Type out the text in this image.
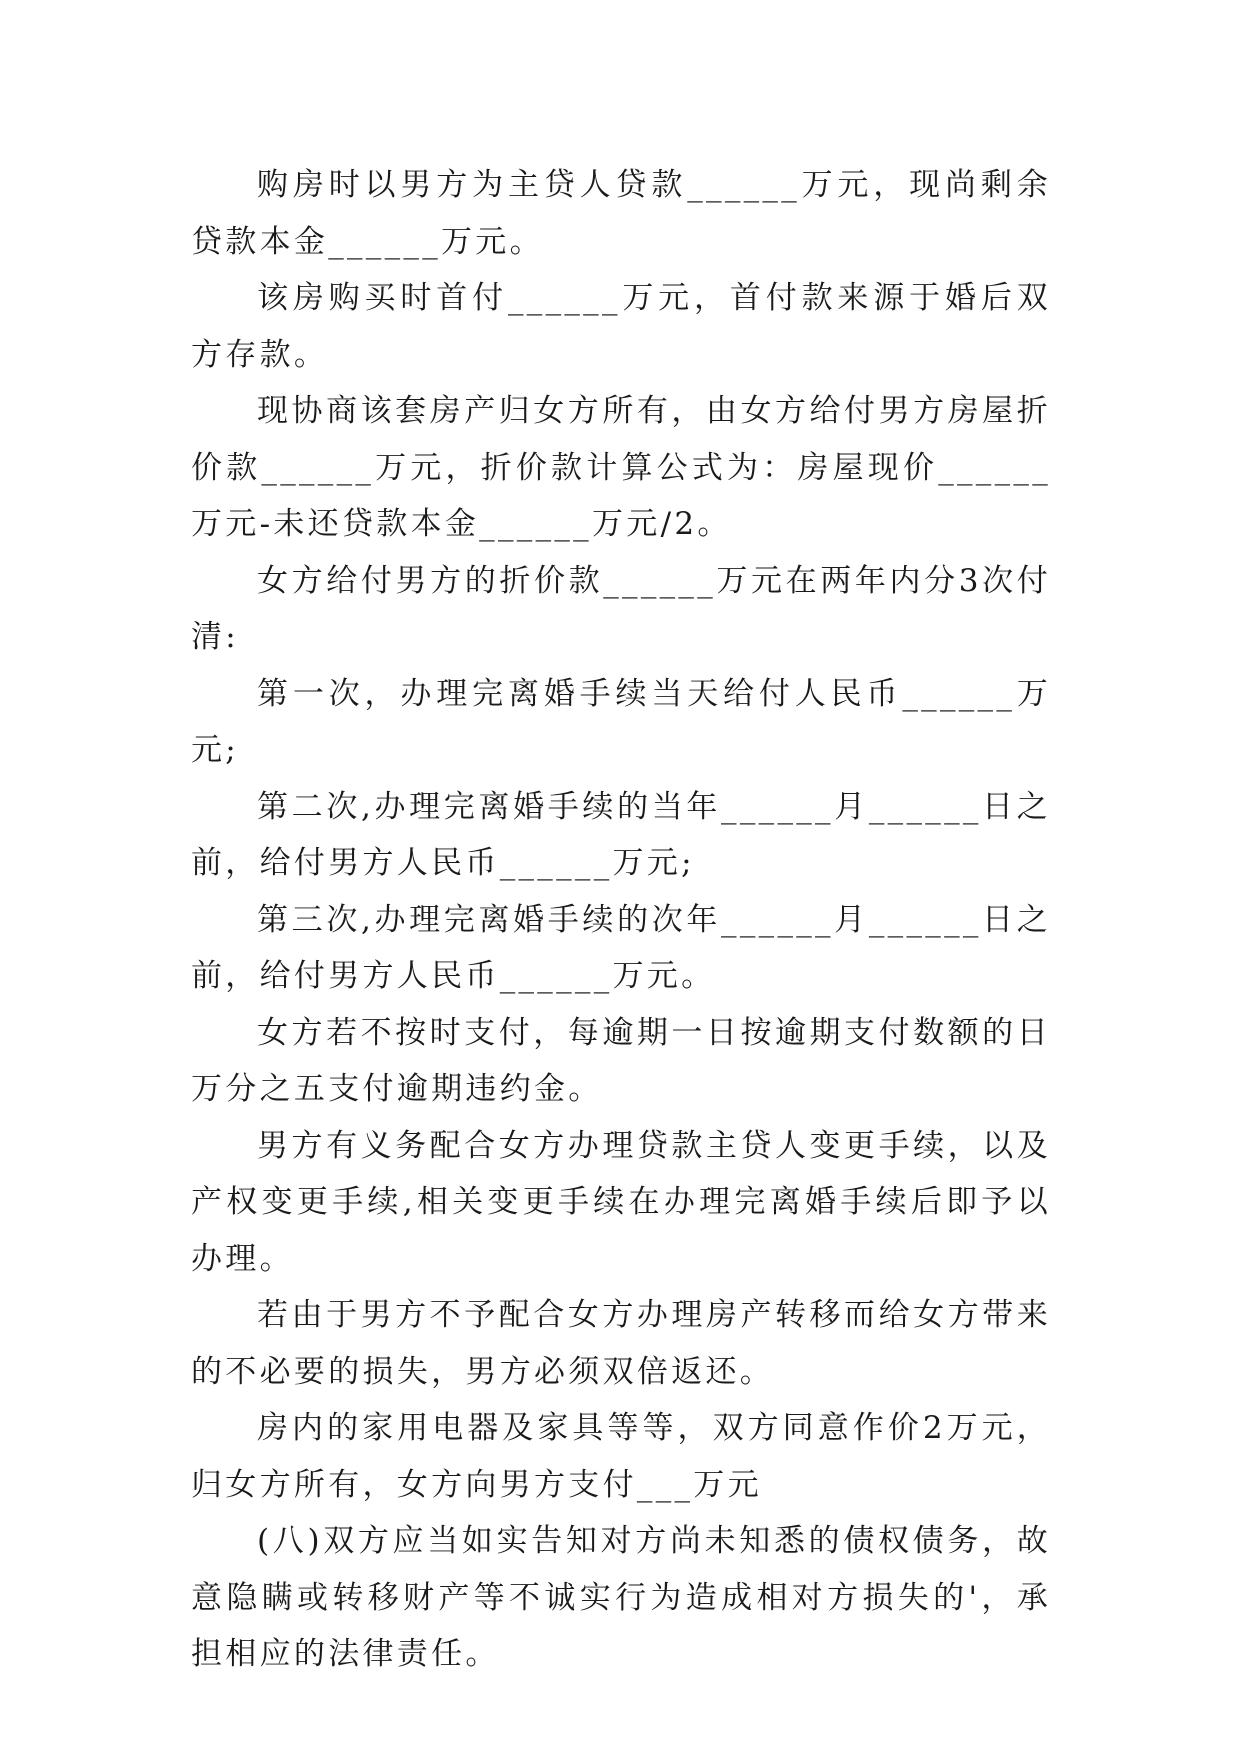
购房时以男方为主贷人贷款______万元，现尚剩余贷款本金______万元。

该房购买时首付______万元，首付款来源于婚后双方存款。

现协商该套房产归女方所有，由女方给付男方房屋折价款______万元，折价款计算公式为：房屋现价______万元-未还贷款本金______万元/2。

女方给付男方的折价款______万元在两年内分3次付清:

第一次，办理完离婚手续当天给付人民币______万元;

第二次,办理完离婚手续的当年______月______日之前，给付男方人民币______万元;

第三次,办理完离婚手续的次年______月______日之前，给付男方人民币______万元。

女方若不按时支付，每逾期一日按逾期支付数额的日万分之五支付逾期违约金。

男方有义务配合女方办理贷款主贷人变更手续，以及产权变更手续,相关变更手续在办理完离婚手续后即予以办理。

若由于男方不予配合女方办理房产转移而给女方带来的不必要的损失，男方必须双倍返还。

房内的家用电器及家具等等，双方同意作价2万元，归女方所有，女方向男方支付___万元

(八)双方应当如实告知对方尚未知悉的债权债务，故意隐瞒或转移财产等不诚实行为造成相对方损失的'，承担相应的法律责任。
